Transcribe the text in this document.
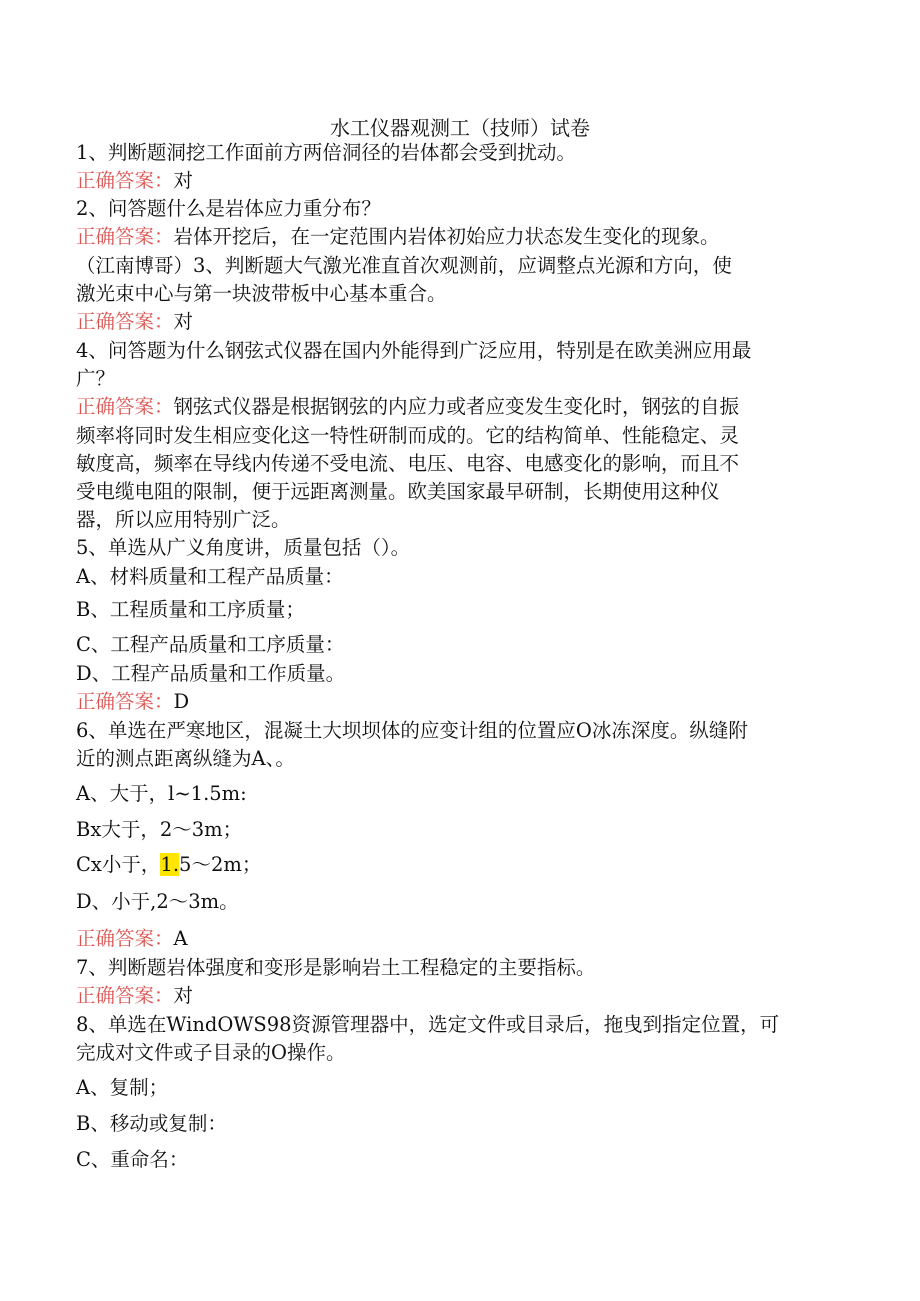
水工仪器观测工（技师）试卷
1、判断题洞挖工作面前方两倍洞径的岩体都会受到扰动。
正确答案：对
2、问答题什么是岩体应力重分布？
正确答案：岩体开挖后，在一定范围内岩体初始应力状态发生变化的现象。
（江南博哥）3、判断题大气激光准直首次观测前，应调整点光源和方向，使
激光束中心与第一块波带板中心基本重合。
正确答案：对
4、问答题为什么钢弦式仪器在国内外能得到广泛应用，特别是在欧美洲应用最
广？
正确答案：钢弦式仪器是根据钢弦的内应力或者应变发生变化时，钢弦的自振
频率将同时发生相应变化这一特性研制而成的。它的结构简单、性能稳定、灵
敏度高，频率在导线内传递不受电流、电压、电容、电感变化的影响，而且不
受电缆电阻的限制，便于远距离测量。欧美国家最早研制，长期使用这种仪
器，所以应用特别广泛。
5、单选从广义角度讲，质量包括（）。
A、材料质量和工程产品质量：
B、工程质量和工序质量；
C、工程产品质量和工序质量：
D、工程产品质量和工作质量。
正确答案：D
6、单选在严寒地区，混凝土大坝坝体的应变计组的位置应O冰冻深度。纵缝附
近的测点距离纵缝为A、。
A、大于，l~1.5m:
Bx大于，2～3m；
Cx小于，1.5～2m；
D、小于,2～3m。
正确答案：A
7、判断题岩体强度和变形是影响岩土工程稳定的主要指标。
正确答案：对
8、单选在WindOWS98资源管理器中，选定文件或目录后，拖曳到指定位置，可
完成对文件或子目录的O操作。
A、复制；
B、移动或复制：
C、重命名：
